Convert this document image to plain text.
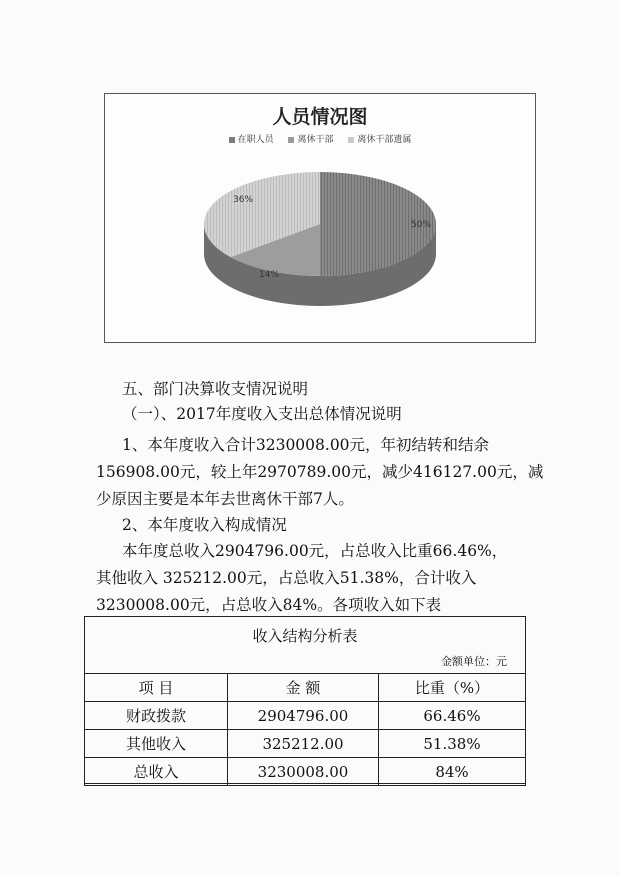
人员情况图
在职人员	离休干部	离休干部遗属
50%
14%
36%
五、部门决算收支情况说明
（一）、2017年度收入支出总体情况说明
1、本年度收入合计3230008.00元，年初结转和结余
156908.00元，较上年2970789.00元，减少416127.00元，减
少原因主要是本年去世离休干部7人。
2、本年度收入构成情况
本年度总收入2904796.00元，占总收入比重66.46%，
其他收入 325212.00元，占总收入51.38%，合计收入
3230008.00元，占总收入84%。各项收入如下表
收入结构分析表
金额单位：元
项 目	金 额	比重（%）
财政拨款	2904796.00	66.46%
其他收入	325212.00	51.38%
总收入	3230008.00	84%
